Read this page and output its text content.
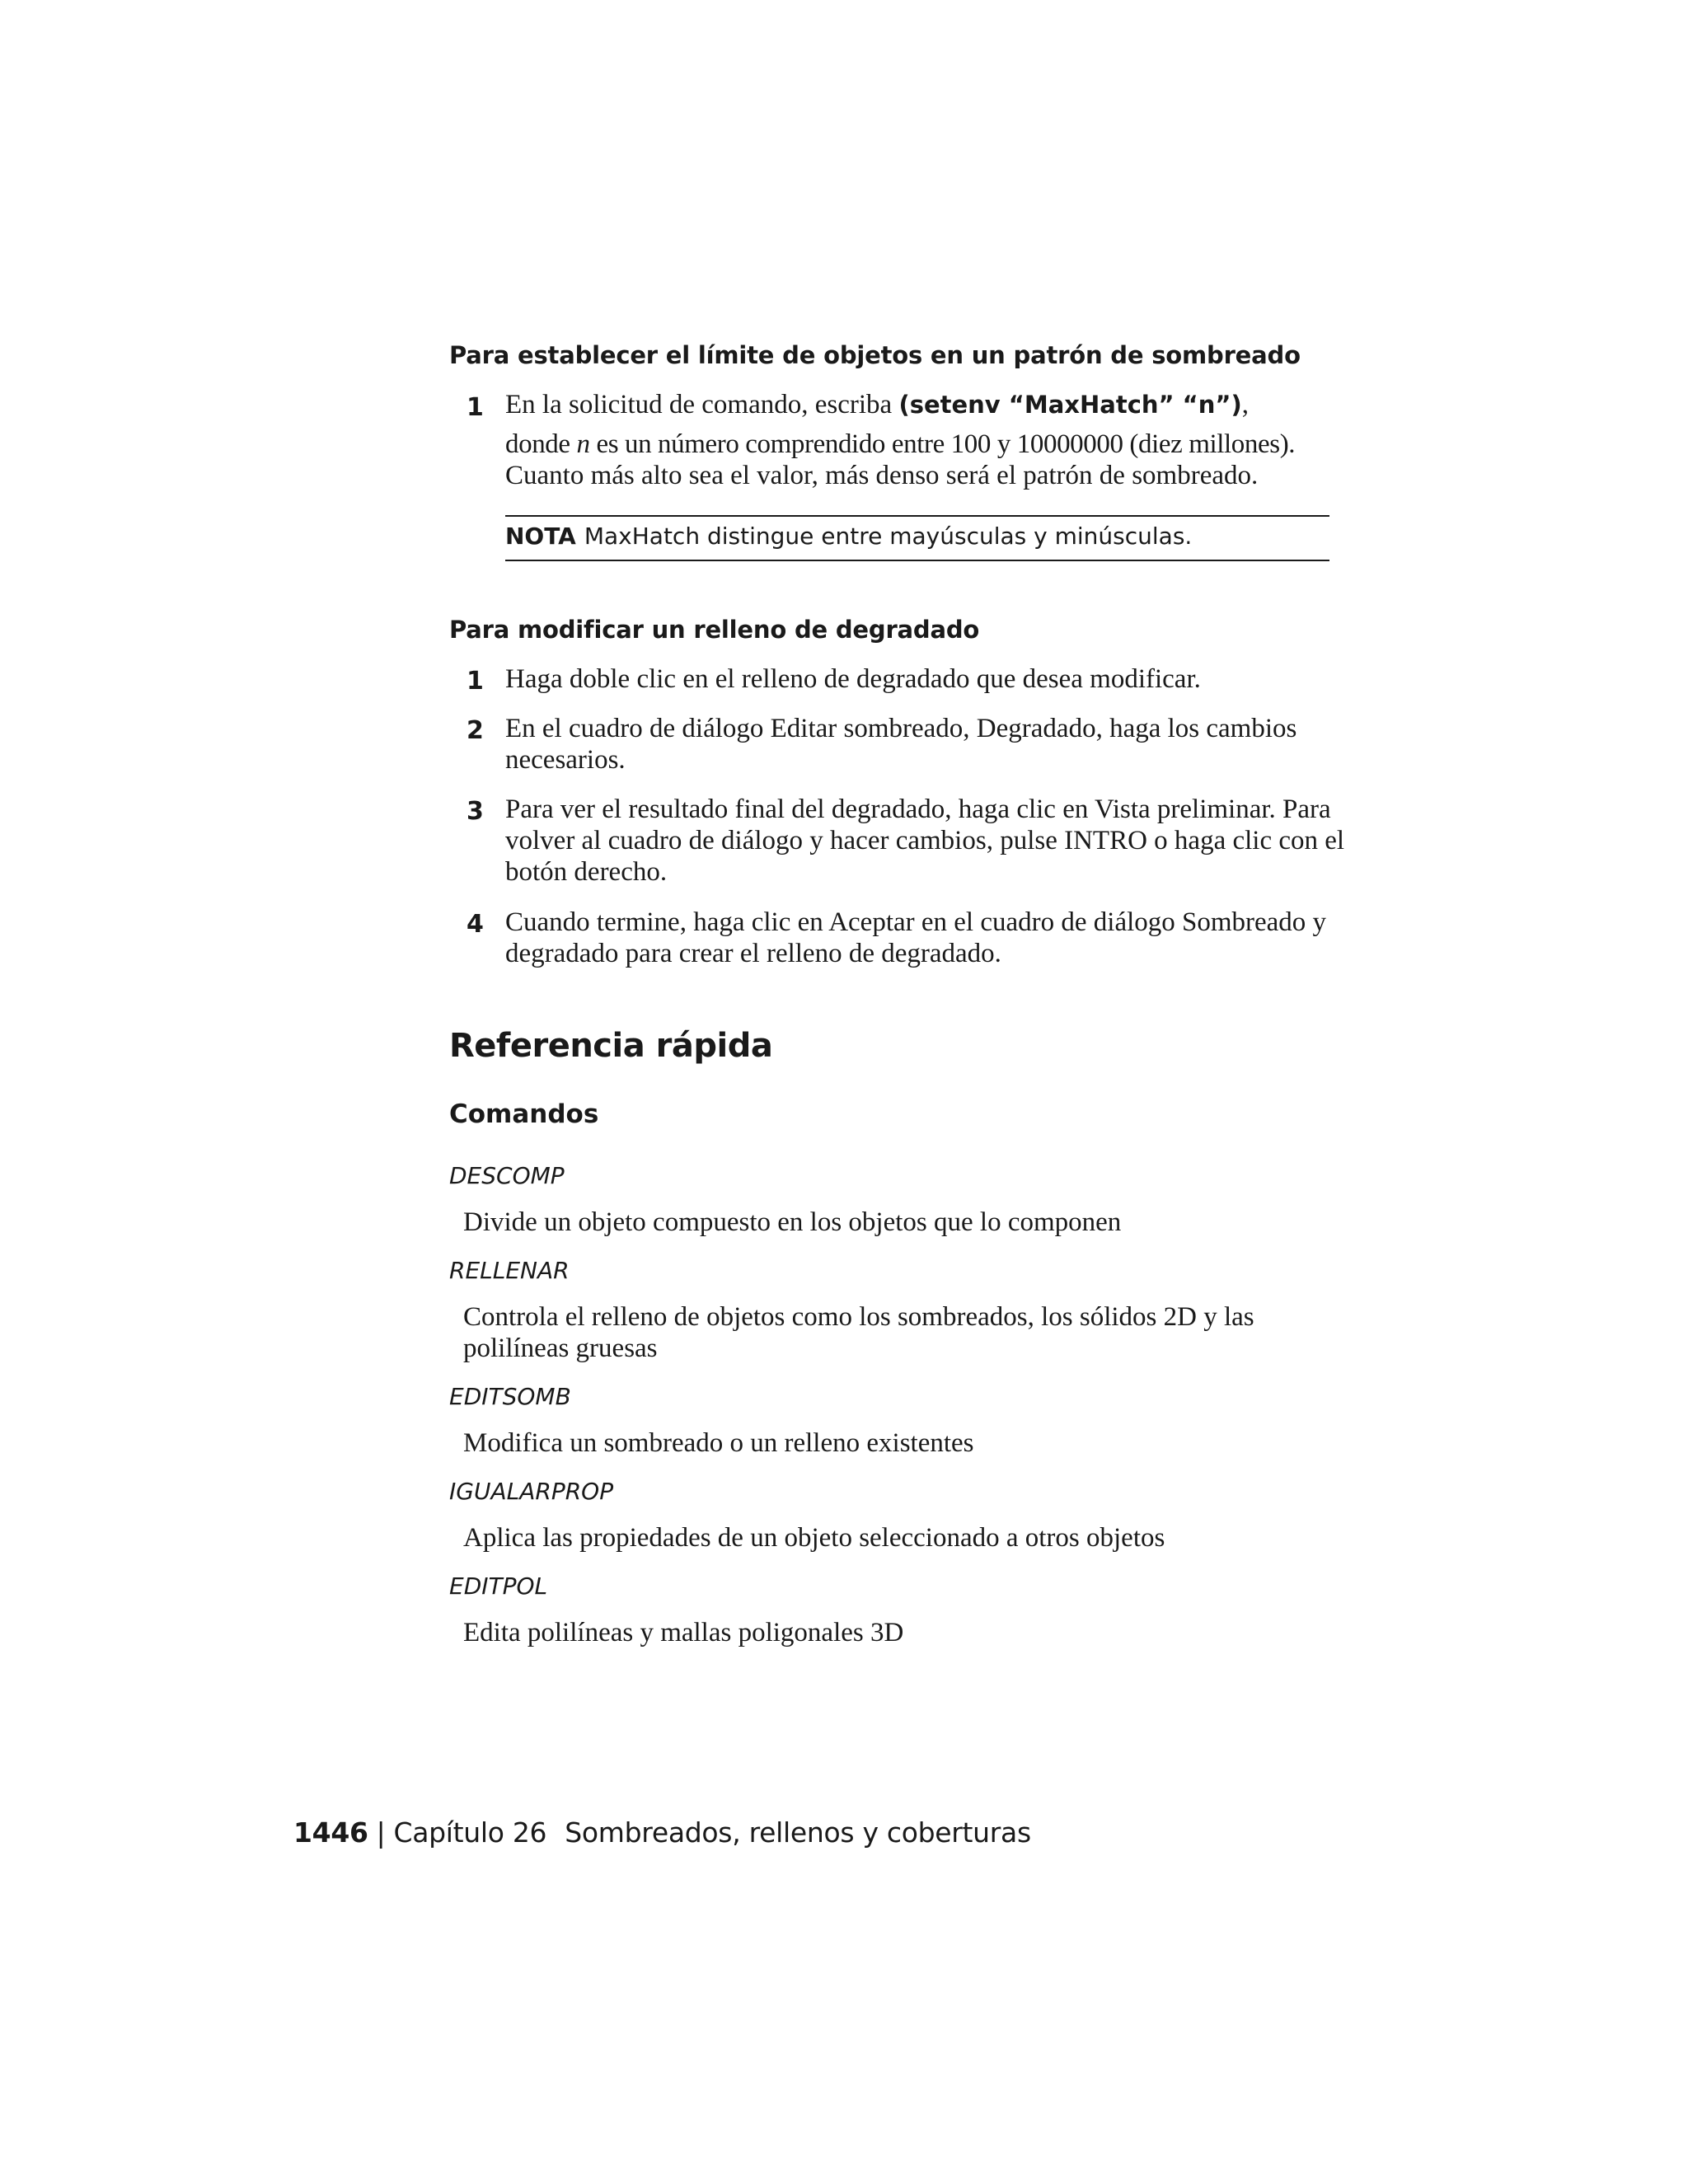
Para establecer el límite de objetos en un patrón de sombreado
1 En la solicitud de comando, escriba (setenv “MaxHatch” “n”),
donde n es un número comprendido entre 100 y 10000000 (diez millones).
Cuanto más alto sea el valor, más denso será el patrón de sombreado.
NOTA MaxHatch distingue entre mayúsculas y minúsculas.
Para modificar un relleno de degradado
1 Haga doble clic en el relleno de degradado que desea modificar.
2 En el cuadro de diálogo Editar sombreado, Degradado, haga los cambios necesarios.
3 Para ver el resultado final del degradado, haga clic en Vista preliminar. Para volver al cuadro de diálogo y hacer cambios, pulse INTRO o haga clic con el botón derecho.
4 Cuando termine, haga clic en Aceptar en el cuadro de diálogo Sombreado y degradado para crear el relleno de degradado.
Referencia rápida
Comandos
DESCOMP
Divide un objeto compuesto en los objetos que lo componen
RELLENAR
Controla el relleno de objetos como los sombreados, los sólidos 2D y las polilíneas gruesas
EDITSOMB
Modifica un sombreado o un relleno existentes
IGUALARPROP
Aplica las propiedades de un objeto seleccionado a otros objetos
EDITPOL
Edita polilíneas y mallas poligonales 3D
1446 | Capítulo 26 Sombreados, rellenos y coberturas
